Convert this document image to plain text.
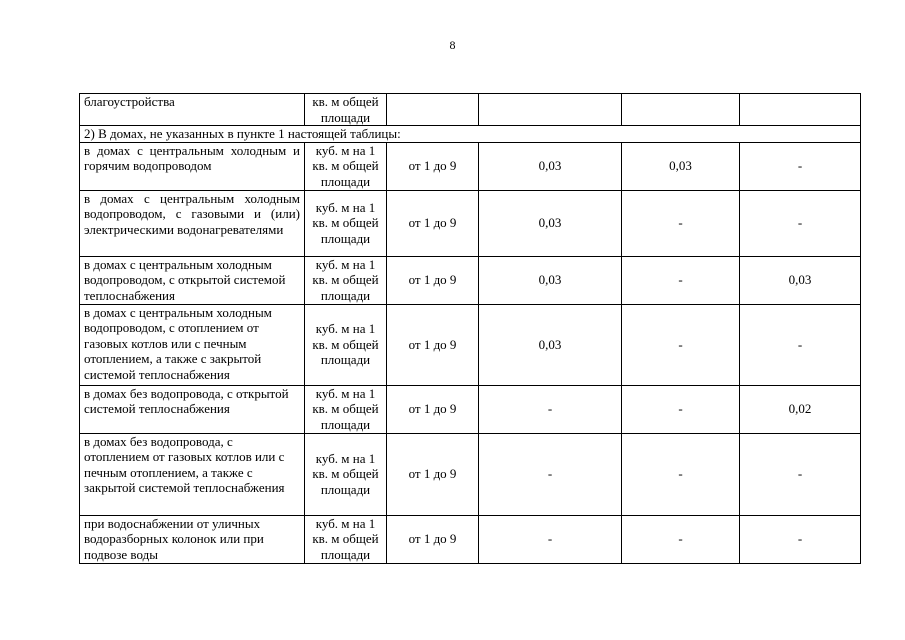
8
благоустройства	кв. м общей площади				
2) В домах, не указанных в пункте 1 настоящей таблицы:					
в домах с центральным холодным и горячим водопроводом	куб. м на 1 кв. м общей площади	от 1 до 9	0,03	0,03	-
в домах с центральным холодным водопроводом, с газовыми и (или) электрическими водонагревателями	куб. м на 1 кв. м общей площади	от 1 до 9	0,03	-	-
в домах с центральным холодным водопроводом, с открытой системой теплоснабжения	куб. м на 1 кв. м общей площади	от 1 до 9	0,03	-	0,03
в домах с центральным холодным водопроводом, с отоплением от газовых котлов или с печным отоплением, а также с закрытой системой теплоснабжения	куб. м на 1 кв. м общей площади	от 1 до 9	0,03	-	-
в домах без водопровода, с открытой системой теплоснабжения	куб. м на 1 кв. м общей площади	от 1 до 9	-	-	0,02
в домах без водопровода, с отоплением от газовых котлов или с печным отоплением, а также с закрытой системой теплоснабжения	куб. м на 1 кв. м общей площади	от 1 до 9	-	-	-
при водоснабжении от уличных водоразборных колонок или при подвозе воды	куб. м на 1 кв. м общей площади	от 1 до 9	-	-	-
